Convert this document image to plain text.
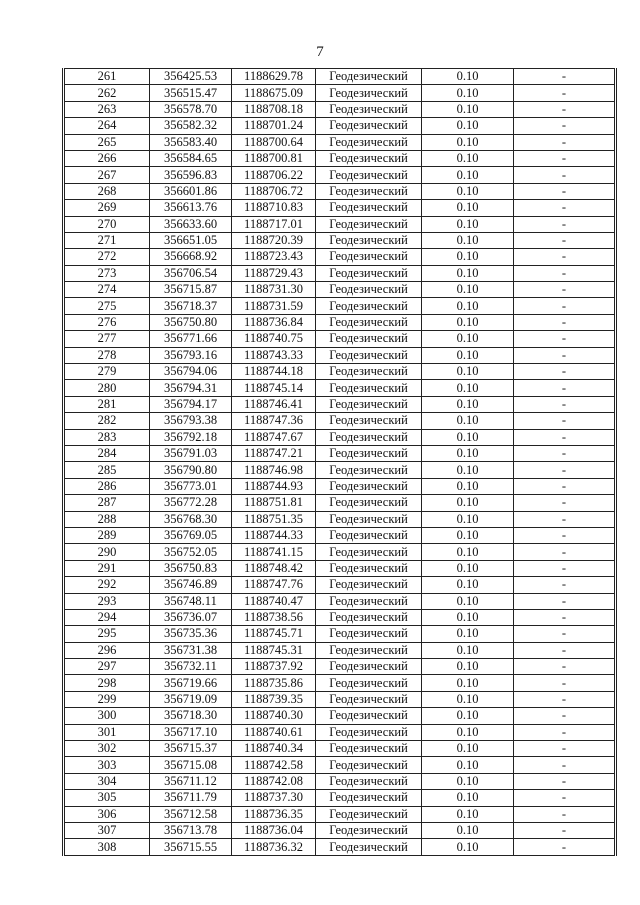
7
261	356425.53	1188629.78	Геодезический	0.10	-
262	356515.47	1188675.09	Геодезический	0.10	-
263	356578.70	1188708.18	Геодезический	0.10	-
264	356582.32	1188701.24	Геодезический	0.10	-
265	356583.40	1188700.64	Геодезический	0.10	-
266	356584.65	1188700.81	Геодезический	0.10	-
267	356596.83	1188706.22	Геодезический	0.10	-
268	356601.86	1188706.72	Геодезический	0.10	-
269	356613.76	1188710.83	Геодезический	0.10	-
270	356633.60	1188717.01	Геодезический	0.10	-
271	356651.05	1188720.39	Геодезический	0.10	-
272	356668.92	1188723.43	Геодезический	0.10	-
273	356706.54	1188729.43	Геодезический	0.10	-
274	356715.87	1188731.30	Геодезический	0.10	-
275	356718.37	1188731.59	Геодезический	0.10	-
276	356750.80	1188736.84	Геодезический	0.10	-
277	356771.66	1188740.75	Геодезический	0.10	-
278	356793.16	1188743.33	Геодезический	0.10	-
279	356794.06	1188744.18	Геодезический	0.10	-
280	356794.31	1188745.14	Геодезический	0.10	-
281	356794.17	1188746.41	Геодезический	0.10	-
282	356793.38	1188747.36	Геодезический	0.10	-
283	356792.18	1188747.67	Геодезический	0.10	-
284	356791.03	1188747.21	Геодезический	0.10	-
285	356790.80	1188746.98	Геодезический	0.10	-
286	356773.01	1188744.93	Геодезический	0.10	-
287	356772.28	1188751.81	Геодезический	0.10	-
288	356768.30	1188751.35	Геодезический	0.10	-
289	356769.05	1188744.33	Геодезический	0.10	-
290	356752.05	1188741.15	Геодезический	0.10	-
291	356750.83	1188748.42	Геодезический	0.10	-
292	356746.89	1188747.76	Геодезический	0.10	-
293	356748.11	1188740.47	Геодезический	0.10	-
294	356736.07	1188738.56	Геодезический	0.10	-
295	356735.36	1188745.71	Геодезический	0.10	-
296	356731.38	1188745.31	Геодезический	0.10	-
297	356732.11	1188737.92	Геодезический	0.10	-
298	356719.66	1188735.86	Геодезический	0.10	-
299	356719.09	1188739.35	Геодезический	0.10	-
300	356718.30	1188740.30	Геодезический	0.10	-
301	356717.10	1188740.61	Геодезический	0.10	-
302	356715.37	1188740.34	Геодезический	0.10	-
303	356715.08	1188742.58	Геодезический	0.10	-
304	356711.12	1188742.08	Геодезический	0.10	-
305	356711.79	1188737.30	Геодезический	0.10	-
306	356712.58	1188736.35	Геодезический	0.10	-
307	356713.78	1188736.04	Геодезический	0.10	-
308	356715.55	1188736.32	Геодезический	0.10	-
